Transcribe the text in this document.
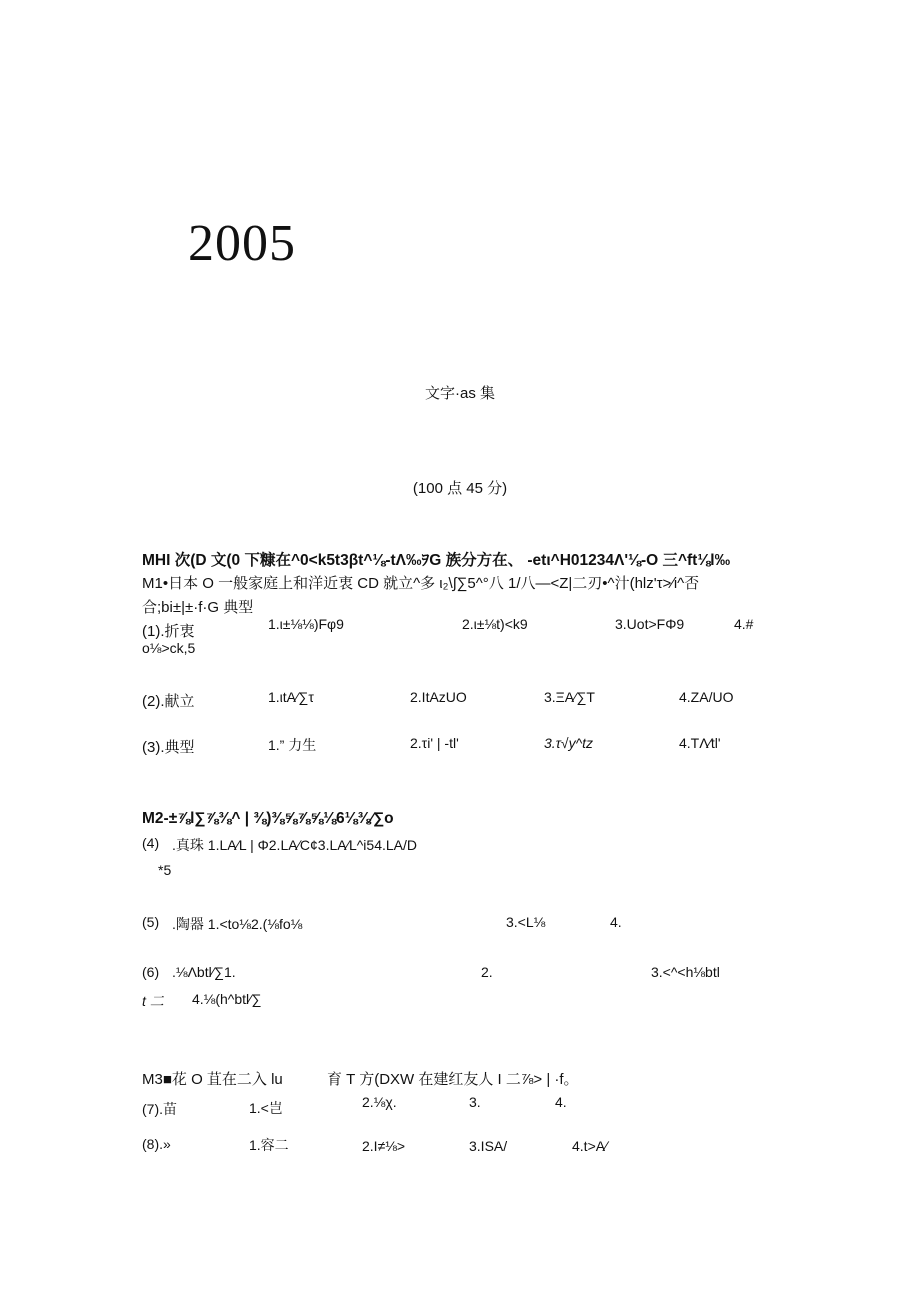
2005
文字·as 集
(100 点 45 分)
MHI 次(D 文(0 下糠在^0<k5t3βt^⅛-tΛ‰ｦG 族分方在、 -etι^H01234Λ'⅛-O 三^ft⅛l‰
M1•日本 O 一般家庭上和洋近衷 CD 就立^多 ι₂\∫∑5^°八 1/八—<Z|二刃•^汁(hlz'τ>⁄i^否
合;bi±|±·f·G 典型
(1).折衷	1.ι±⅛⅛)Fφ9	2.ι±⅛t)<k9	3.Uot>FΦ9	4.#
o⅛>ck,5
(2).献立	1.ιtA∕∑τ	2.ItAzUO	3.ΞA∕∑T	4.ZA/UO
(3).典型	1.” 力生	2.τi' | -tl'	3.τ√y^tz	4.TΛ∕tl'
M2-±⅞l∑⅞⅜^ | ⅜)⅜⅝⅞⅝⅛6⅛⅜∕∑o
(4) .真珠 1.LA∕L | Φ2.LA∕C¢3.LA∕L^i54.LA/D
*5
(5) .陶器 1.<to⅛2.(⅛fo⅛	3.<L⅛	4.
(6) .⅛Λbtl∕∑1.	2.	3.<^<h⅛btl
t 二 4.⅛(h^btl∕∑
M3■花 O 苴在二入 lu	育 T 方(DXW 在建红友人 I 二⅞> | ·f。
(7).苗	1.<岂	2.⅛χ.	3.	4.
(8).»	1.容二	2.I≠⅛>	3.ISA/	4.t>A∕
